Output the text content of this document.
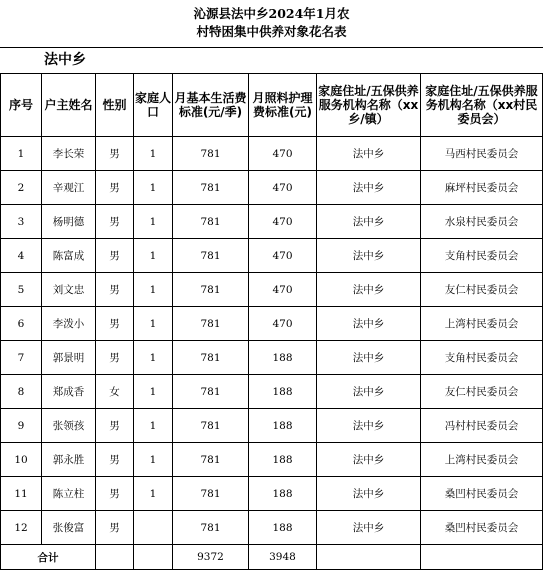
沁源县法中乡2024年1月农
村特困集中供养对象花名表
法中乡
序号	户主姓名	性别	家庭人口	月基本生活费标准(元/季)	月照料护理费标准(元)	家庭住址/五保供养服务机构名称（xx乡/镇）	家庭住址/五保供养服务机构名称（xx村民委员会）
1	李长荣	男	1	781	470	法中乡	马西村民委员会
2	辛观江	男	1	781	470	法中乡	麻坪村民委员会
3	杨明德	男	1	781	470	法中乡	水泉村民委员会
4	陈富成	男	1	781	470	法中乡	支角村民委员会
5	刘文忠	男	1	781	470	法中乡	友仁村民委员会
6	李泼小	男	1	781	470	法中乡	上湾村民委员会
7	郭景明	男	1	781	188	法中乡	支角村民委员会
8	郑成香	女	1	781	188	法中乡	友仁村民委员会
9	张领孩	男	1	781	188	法中乡	冯村村民委员会
10	郭永胜	男	1	781	188	法中乡	上湾村民委员会
11	陈立柱	男	1	781	188	法中乡	桑凹村民委员会
12	张俊富	男		781	188	法中乡	桑凹村民委员会
合计				9372	3948		
